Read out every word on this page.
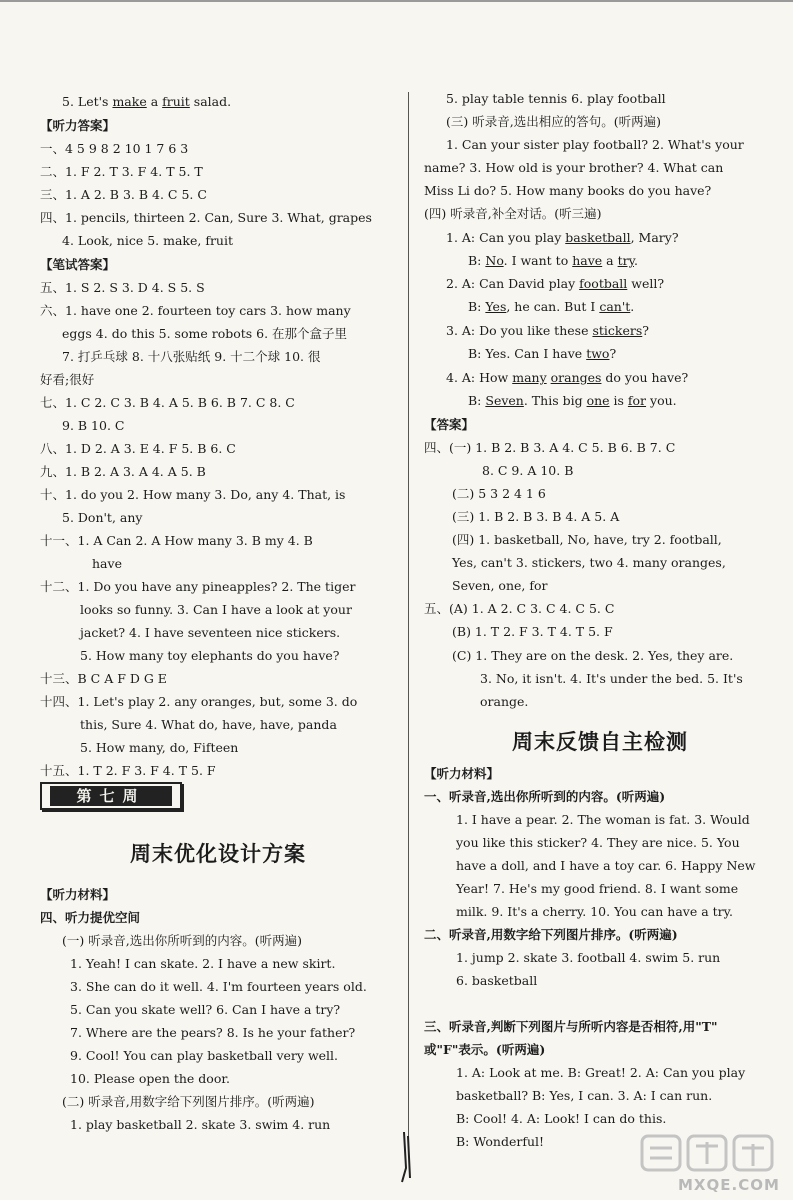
5. Let's make a fruit salad.
【听力答案】
一、4 5 9 8 2 10 1 7 6 3
二、1. F 2. T 3. F 4. T 5. T
三、1. A 2. B 3. B 4. C 5. C
四、1. pencils, thirteen 2. Can, Sure 3. What, grapes
4. Look, nice 5. make, fruit
【笔试答案】
五、1. S 2. S 3. D 4. S 5. S
六、1. have one 2. fourteen toy cars 3. how many
eggs 4. do this 5. some robots 6. 在那个盒子里
7. 打乒乓球 8. 十八张贴纸 9. 十二个球 10. 很
好看;很好
七、1. C 2. C 3. B 4. A 5. B 6. B 7. C 8. C
9. B 10. C
八、1. D 2. A 3. E 4. F 5. B 6. C
九、1. B 2. A 3. A 4. A 5. B
十、1. do you 2. How many 3. Do, any 4. That, is
5. Don't, any
十一、1. A Can 2. A How many 3. B my 4. B
have
十二、1. Do you have any pineapples? 2. The tiger
looks so funny. 3. Can I have a look at your
jacket? 4. I have seventeen nice stickers.
5. How many toy elephants do you have?
十三、B C A F D G E
十四、1. Let's play 2. any oranges, but, some 3. do
this, Sure 4. What do, have, have, panda
5. How many, do, Fifteen
十五、1. T 2. F 3. F 4. T 5. F
第七周
周末优化设计方案
【听力材料】
四、听力提优空间
(一) 听录音,选出你所听到的内容。(听两遍)
1. Yeah! I can skate. 2. I have a new skirt.
3. She can do it well. 4. I'm fourteen years old.
5. Can you skate well? 6. Can I have a try?
7. Where are the pears? 8. Is he your father?
9. Cool! You can play basketball very well.
10. Please open the door.
(二) 听录音,用数字给下列图片排序。(听两遍)
1. play basketball 2. skate 3. swim 4. run
5. play table tennis 6. play football
(三) 听录音,选出相应的答句。(听两遍)
1. Can your sister play football? 2. What's your
name? 3. How old is your brother? 4. What can
Miss Li do? 5. How many books do you have?
(四) 听录音,补全对话。(听三遍)
1. A: Can you play basketball, Mary?
B: No. I want to have a try.
2. A: Can David play football well?
B: Yes, he can. But I can't.
3. A: Do you like these stickers?
B: Yes. Can I have two?
4. A: How many oranges do you have?
B: Seven. This big one is for you.
【答案】
四、(一) 1. B 2. B 3. A 4. C 5. B 6. B 7. C
8. C 9. A 10. B
(二) 5 3 2 4 1 6
(三) 1. B 2. B 3. B 4. A 5. A
(四) 1. basketball, No, have, try 2. football,
Yes, can't 3. stickers, two 4. many oranges,
Seven, one, for
五、(A) 1. A 2. C 3. C 4. C 5. C
(B) 1. T 2. F 3. T 4. T 5. F
(C) 1. They are on the desk. 2. Yes, they are.
3. No, it isn't. 4. It's under the bed. 5. It's
orange.
周末反馈自主检测
【听力材料】
一、听录音,选出你所听到的内容。(听两遍)
1. I have a pear. 2. The woman is fat. 3. Would
you like this sticker? 4. They are nice. 5. You
have a doll, and I have a toy car. 6. Happy New
Year! 7. He's my good friend. 8. I want some
milk. 9. It's a cherry. 10. You can have a try.
二、听录音,用数字给下列图片排序。(听两遍)
1. jump 2. skate 3. football 4. swim 5. run
6. basketball
三、听录音,判断下列图片与所听内容是否相符,用"T"
或"F"表示。(听两遍)
1. A: Look at me. B: Great! 2. A: Can you play
basketball? B: Yes, I can. 3. A: I can run.
B: Cool! 4. A: Look! I can do this.
B: Wonderful!
MXQE.COM
